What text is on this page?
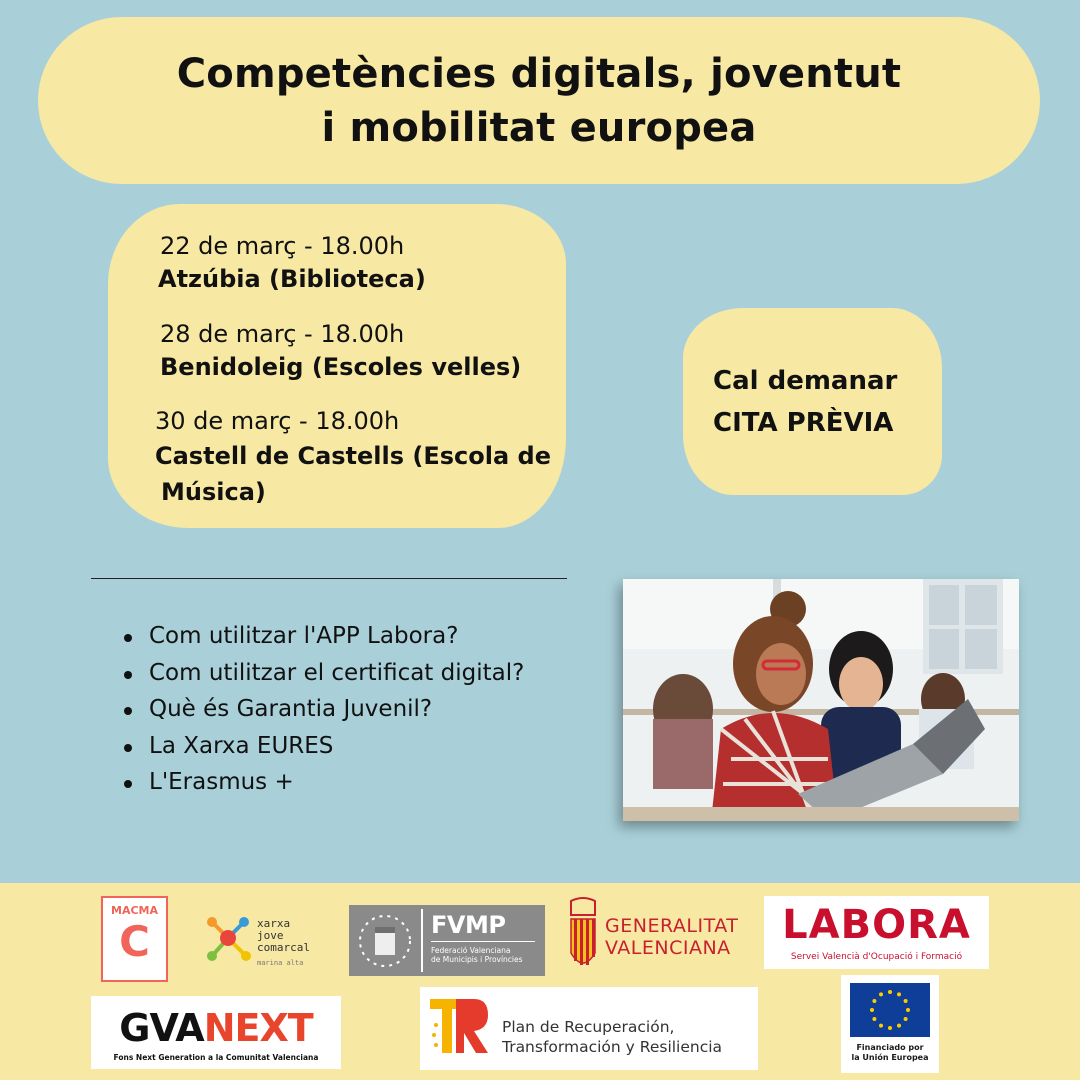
Competències digitals, joventut
i mobilitat europea
22 de març - 18.00h
Atzúbia (Biblioteca)
28 de març - 18.00h
Benidoleig (Escoles velles)
30 de març - 18.00h
Castell de Castells (Escola de
Música)
Cal demanar
CITA PRÈVIA
Com utilitzar l'APP Labora?
Com utilitzar el certificat digital?
Què és Garantia Juvenil?
La Xarxa EURES
L'Erasmus +
MACMA
C	xarxa
jove
comarcal
marina alta
FVMP
Federació Valenciana
de Municipis i Províncies
GENERALITAT
VALENCIANA	LABORA
Servei Valencià d'Ocupació i Formació
GVANEXT
Fons Next Generation a la Comunitat Valenciana
Plan de Recuperación,
Transformación y Resiliencia	Financiado por
la Unión Europea
